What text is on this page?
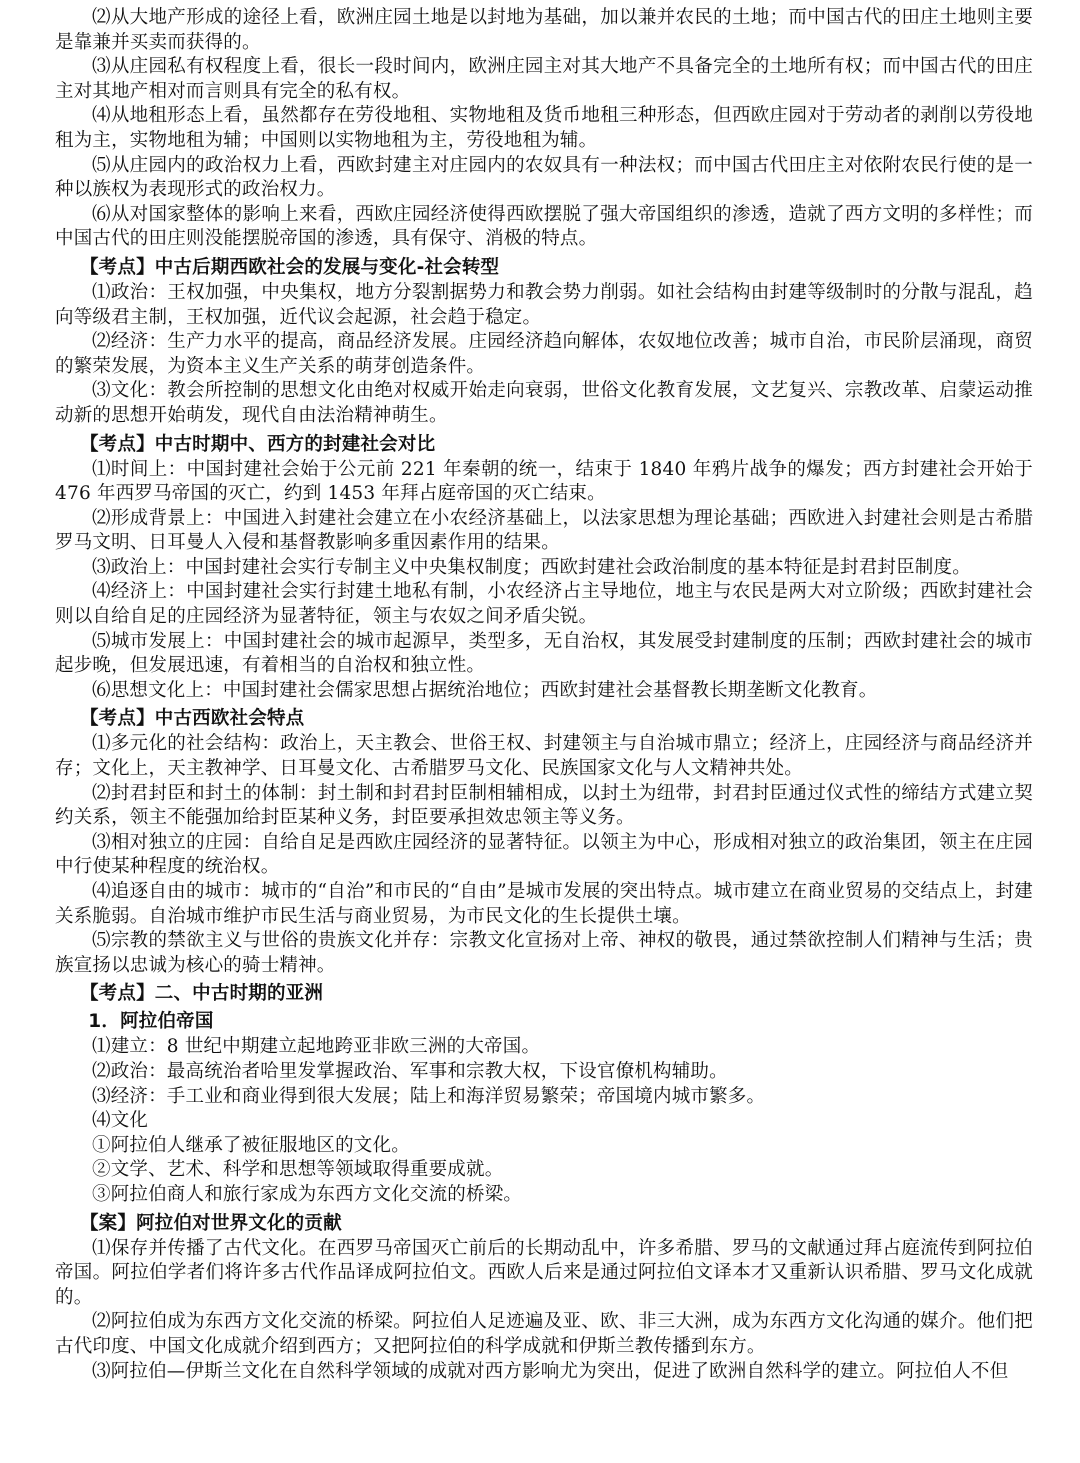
⑵从大地产形成的途径上看，欧洲庄园土地是以封地为基础，加以兼并农民的土地；而中国古代的田庄土地则主要是靠兼并买卖而获得的。

⑶从庄园私有权程度上看，很长一段时间内，欧洲庄园主对其大地产不具备完全的土地所有权；而中国古代的田庄主对其地产相对而言则具有完全的私有权。

⑷从地租形态上看，虽然都存在劳役地租、实物地租及货币地租三种形态，但西欧庄园对于劳动者的剥削以劳役地租为主，实物地租为辅；中国则以实物地租为主，劳役地租为辅。

⑸从庄园内的政治权力上看，西欧封建主对庄园内的农奴具有一种法权；而中国古代田庄主对依附农民行使的是一种以族权为表现形式的政治权力。

⑹从对国家整体的影响上来看，西欧庄园经济使得西欧摆脱了强大帝国组织的渗透，造就了西方文明的多样性；而中国古代的田庄则没能摆脱帝国的渗透，具有保守、消极的特点。

【考点】中古后期西欧社会的发展与变化-社会转型

⑴政治：王权加强，中央集权，地方分裂割据势力和教会势力削弱。如社会结构由封建等级制时的分散与混乱，趋向等级君主制，王权加强，近代议会起源，社会趋于稳定。

⑵经济：生产力水平的提高，商品经济发展。庄园经济趋向解体，农奴地位改善；城市自治，市民阶层涌现，商贸的繁荣发展，为资本主义生产关系的萌芽创造条件。

⑶文化：教会所控制的思想文化由绝对权威开始走向衰弱，世俗文化教育发展，文艺复兴、宗教改革、启蒙运动推动新的思想开始萌发，现代自由法治精神萌生。

【考点】中古时期中、西方的封建社会对比

⑴时间上：中国封建社会始于公元前 221 年秦朝的统一，结束于 1840 年鸦片战争的爆发；西方封建社会开始于 476 年西罗马帝国的灭亡，约到 1453 年拜占庭帝国的灭亡结束。

⑵形成背景上：中国进入封建社会建立在小农经济基础上，以法家思想为理论基础；西欧进入封建社会则是古希腊罗马文明、日耳曼人入侵和基督教影响多重因素作用的结果。

⑶政治上：中国封建社会实行专制主义中央集权制度；西欧封建社会政治制度的基本特征是封君封臣制度。

⑷经济上：中国封建社会实行封建土地私有制，小农经济占主导地位，地主与农民是两大对立阶级；西欧封建社会则以自给自足的庄园经济为显著特征，领主与农奴之间矛盾尖锐。

⑸城市发展上：中国封建社会的城市起源早，类型多，无自治权，其发展受封建制度的压制；西欧封建社会的城市起步晚，但发展迅速，有着相当的自治权和独立性。

⑹思想文化上：中国封建社会儒家思想占据统治地位；西欧封建社会基督教长期垄断文化教育。

【考点】中古西欧社会特点

⑴多元化的社会结构：政治上，天主教会、世俗王权、封建领主与自治城市鼎立；经济上，庄园经济与商品经济并存；文化上，天主教神学、日耳曼文化、古希腊罗马文化、民族国家文化与人文精神共处。

⑵封君封臣和封土的体制：封土制和封君封臣制相辅相成，以封土为纽带，封君封臣通过仪式性的缔结方式建立契约关系，领主不能强加给封臣某种义务，封臣要承担效忠领主等义务。

⑶相对独立的庄园：自给自足是西欧庄园经济的显著特征。以领主为中心，形成相对独立的政治集团，领主在庄园中行使某种程度的统治权。

⑷追逐自由的城市：城市的“自治”和市民的“自由”是城市发展的突出特点。城市建立在商业贸易的交结点上，封建关系脆弱。自治城市维护市民生活与商业贸易，为市民文化的生长提供土壤。

⑸宗教的禁欲主义与世俗的贵族文化并存：宗教文化宣扬对上帝、神权的敬畏，通过禁欲控制人们精神与生活；贵族宣扬以忠诚为核心的骑士精神。

【考点】二、中古时期的亚洲
1．阿拉伯帝国

⑴建立：8 世纪中期建立起地跨亚非欧三洲的大帝国。

⑵政治：最高统治者哈里发掌握政治、军事和宗教大权，下设官僚机构辅助。

⑶经济：手工业和商业得到很大发展；陆上和海洋贸易繁荣；帝国境内城市繁多。

⑷文化

①阿拉伯人继承了被征服地区的文化。

②文学、艺术、科学和思想等领域取得重要成就。

③阿拉伯商人和旅行家成为东西方文化交流的桥梁。

【案】阿拉伯对世界文化的贡献

⑴保存并传播了古代文化。在西罗马帝国灭亡前后的长期动乱中，许多希腊、罗马的文献通过拜占庭流传到阿拉伯帝国。阿拉伯学者们将许多古代作品译成阿拉伯文。西欧人后来是通过阿拉伯文译本才又重新认识希腊、罗马文化成就的。

⑵阿拉伯成为东西方文化交流的桥梁。阿拉伯人足迹遍及亚、欧、非三大洲，成为东西方文化沟通的媒介。他们把古代印度、中国文化成就介绍到西方；又把阿拉伯的科学成就和伊斯兰教传播到东方。

⑶阿拉伯—伊斯兰文化在自然科学领域的成就对西方影响尤为突出，促进了欧洲自然科学的建立。阿拉伯人不但
